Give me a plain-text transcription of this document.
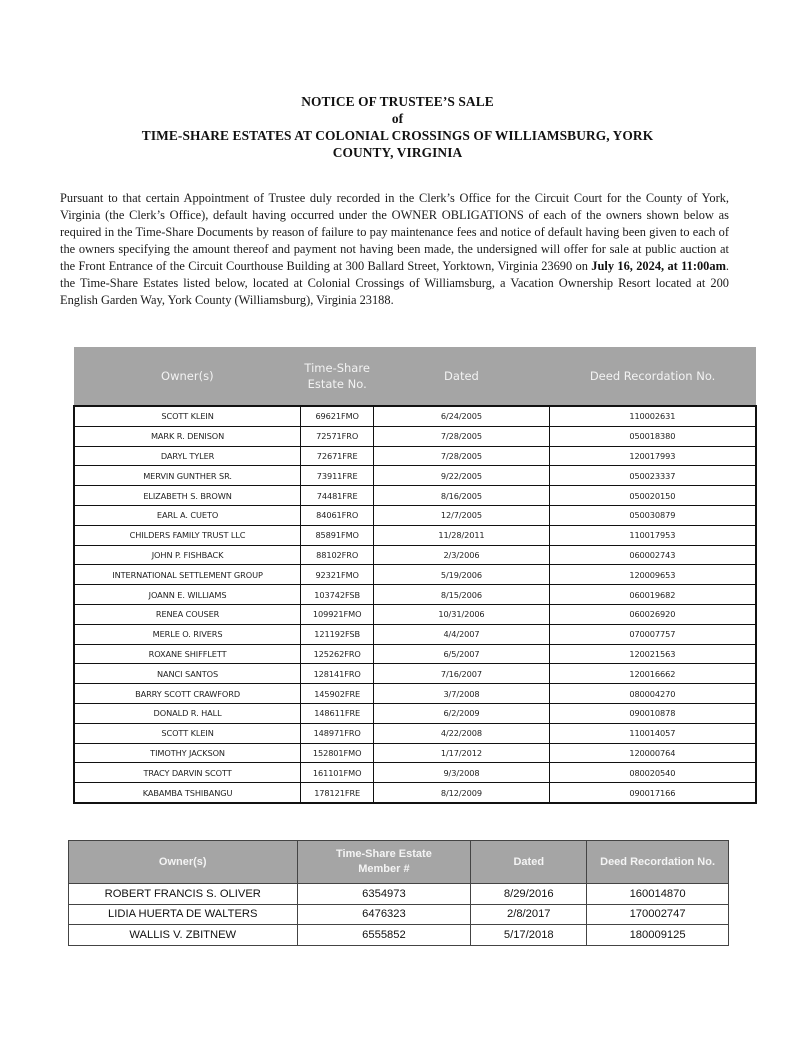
NOTICE OF TRUSTEE’S SALE
of
TIME-SHARE ESTATES AT COLONIAL CROSSINGS OF WILLIAMSBURG, YORK
COUNTY, VIRGINIA

Pursuant to that certain Appointment of Trustee duly recorded in the Clerk’s Office for the Circuit Court for the County of York, Virginia (the Clerk’s Office), default having occurred under the OWNER OBLIGATIONS of each of the owners shown below as required in the Time-Share Documents by reason of failure to pay maintenance fees and notice of default having been given to each of the owners specifying the amount thereof and payment not having been made, the undersigned will offer for sale at public auction at the Front Entrance of the Circuit Courthouse Building at 300 Ballard Street, Yorktown, Virginia 23690 on July 16, 2024, at 11:00am. the Time-Share Estates listed below, located at Colonial Crossings of Williamsburg, a Vacation Ownership Resort located at 200 English Garden Way, York County (Williamsburg), Virginia 23188.

Owner(s)	Time-Share Estate No.	Dated	Deed Recordation No.
SCOTT KLEIN	69621FMO	6/24/2005	110002631
MARK R. DENISON	72571FRO	7/28/2005	050018380
DARYL TYLER	72671FRE	7/28/2005	120017993
MERVIN GUNTHER SR.	73911FRE	9/22/2005	050023337
ELIZABETH S. BROWN	74481FRE	8/16/2005	050020150
EARL A. CUETO	84061FRO	12/7/2005	050030879
CHILDERS FAMILY TRUST LLC	85891FMO	11/28/2011	110017953
JOHN P. FISHBACK	88102FRO	2/3/2006	060002743
INTERNATIONAL SETTLEMENT GROUP	92321FMO	5/19/2006	120009653
JOANN E. WILLIAMS	103742FSB	8/15/2006	060019682
RENEA COUSER	109921FMO	10/31/2006	060026920
MERLE O. RIVERS	121192FSB	4/4/2007	070007757
ROXANE SHIFFLETT	125262FRO	6/5/2007	120021563
NANCI SANTOS	128141FRO	7/16/2007	120016662
BARRY SCOTT CRAWFORD	145902FRE	3/7/2008	080004270
DONALD R. HALL	148611FRE	6/2/2009	090010878
SCOTT KLEIN	148971FRO	4/22/2008	110014057
TIMOTHY JACKSON	152801FMO	1/17/2012	120000764
TRACY DARVIN SCOTT	161101FMO	9/3/2008	080020540
KABAMBA TSHIBANGU	178121FRE	8/12/2009	090017166
Owner(s)	Time-Share Estate Member #	Dated	Deed Recordation No.
ROBERT FRANCIS S. OLIVER	6354973	8/29/2016	160014870
LIDIA HUERTA DE WALTERS	6476323	2/8/2017	170002747
WALLIS V. ZBITNEW	6555852	5/17/2018	180009125
